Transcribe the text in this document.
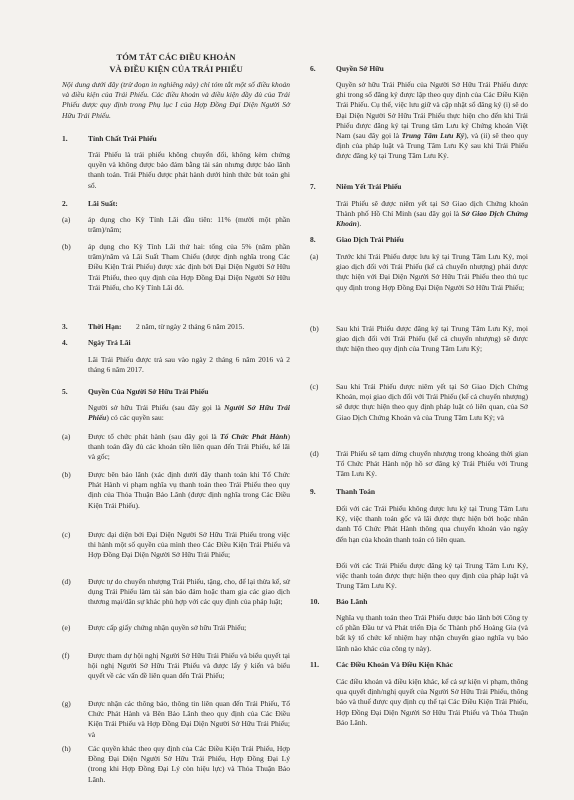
TÓM TẮT CÁC ĐIỀU KHOẢN
VÀ ĐIỀU KIỆN CỦA TRÁI PHIẾU
Nội dung dưới đây (trừ đoạn in nghiêng này) chỉ tóm tắt một số điều khoản và điều kiện của Trái Phiếu. Các điều khoản và điều kiện đầy đủ của Trái Phiếu được quy định trong Phụ lục I của Hợp Đồng Đại Diện Người Sở Hữu Trái Phiếu.
1.	Tính Chất Trái Phiếu
Trái Phiếu là trái phiếu không chuyển đổi, không kèm chứng quyền và không được bảo đảm bằng tài sản nhưng được bảo lãnh thanh toán. Trái Phiếu được phát hành dưới hình thức bút toán ghi sổ.
2.	Lãi Suất:
(a) áp dụng cho Kỳ Tính Lãi đầu tiên: 11% (mười một phần trăm)/năm;
(b) áp dụng cho Kỳ Tính Lãi thứ hai: tổng của 5% (năm phần trăm)/năm và Lãi Suất Tham Chiếu (được định nghĩa trong Các Điều Kiện Trái Phiếu) được xác định bởi Đại Diện Người Sở Hữu Trái Phiếu, theo quy định của Hợp Đồng Đại Diện Người Sở Hữu Trái Phiếu, cho Kỳ Tính Lãi đó.
3.	Thời Hạn: 2 năm, từ ngày 2 tháng 6 năm 2015.
4.	Ngày Trả Lãi
Lãi Trái Phiếu được trả sau vào ngày 2 tháng 6 năm 2016 và 2 tháng 6 năm 2017.
5.	Quyền Của Người Sở Hữu Trái Phiếu
Người sở hữu Trái Phiếu (sau đây gọi là Người Sở Hữu Trái Phiếu) có các quyền sau:
(a) Được tổ chức phát hành (sau đây gọi là Tổ Chức Phát Hành) thanh toán đầy đủ các khoản tiền liên quan đến Trái Phiếu, kể lãi và gốc;
(b) Được bên bảo lãnh (xác định dưới đây thanh toán khi Tổ Chức Phát Hành vi phạm nghĩa vụ thanh toán theo Trái Phiếu theo quy định của Thỏa Thuận Bảo Lãnh (được định nghĩa trong Các Điều Kiện Trái Phiếu).
(c) Được đại diện bởi Đại Diện Người Sở Hữu Trái Phiếu trong việc thi hành một số quyền của mình theo Các Điều Kiện Trái Phiếu và Hợp Đồng Đại Diện Người Sở Hữu Trái Phiếu;
(d) Được tự do chuyển nhượng Trái Phiếu, tặng, cho, để lại thừa kế, sử dụng Trái Phiếu làm tài sản bảo đảm hoặc tham gia các giao dịch thương mại/dân sự khác phù hợp với các quy định của pháp luật;
(e) Được cấp giấy chứng nhận quyền sở hữu Trái Phiếu;
(f) Được tham dự hội nghị Người Sở Hữu Trái Phiếu và biểu quyết tại hội nghị Người Sở Hữu Trái Phiếu và được lấy ý kiến và biểu quyết về các vấn đề liên quan đến Trái Phiếu;
(g) Được nhận các thông báo, thông tin liên quan đến Trái Phiếu, Tổ Chức Phát Hành và Bên Bảo Lãnh theo quy định của Các Điều Kiện Trái Phiếu và Hợp Đồng Đại Diện Người Sở Hữu Trái Phiếu; và
(h) Các quyền khác theo quy định của Các Điều Kiện Trái Phiếu, Hợp Đồng Đại Diện Người Sở Hữu Trái Phiếu, Hợp Đồng Đại Lý (trong khi Hợp Đồng Đại Lý còn hiệu lực) và Thỏa Thuận Bảo Lãnh.
6.	Quyền Sở Hữu
Quyền sở hữu Trái Phiếu của Người Sở Hữu Trái Phiếu được ghi trong sổ đăng ký được lập theo quy định của Các Điều Kiện Trái Phiếu. Cụ thể, việc lưu giữ và cập nhật sổ đăng ký (i) sẽ do Đại Diện Người Sở Hữu Trái Phiếu thực hiện cho đến khi Trái Phiếu được đăng ký tại Trung tâm Lưu ký Chứng khoán Việt Nam (sau đây gọi là Trung Tâm Lưu Ký), và (ii) sẽ theo quy định của pháp luật và Trung Tâm Lưu Ký sau khi Trái Phiếu được đăng ký tại Trung Tâm Lưu Ký.
7.	Niêm Yết Trái Phiếu
Trái Phiếu sẽ được niêm yết tại Sở Giao dịch Chứng khoán Thành phố Hồ Chí Minh (sau đây gọi là Sở Giao Dịch Chứng Khoán).
8.	Giao Dịch Trái Phiếu
(a) Trước khi Trái Phiếu được lưu ký tại Trung Tâm Lưu Ký, mọi giao dịch đối với Trái Phiếu (kể cả chuyển nhượng) phải được thực hiện với Đại Diện Người Sở Hữu Trái Phiếu theo thủ tục quy định trong Hợp Đồng Đại Diện Người Sở Hữu Trái Phiếu;
(b) Sau khi Trái Phiếu được đăng ký tại Trung Tâm Lưu Ký, mọi giao dịch đối với Trái Phiếu (kể cả chuyển nhượng) sẽ được thực hiện theo quy định của Trung Tâm Lưu Ký;
(c) Sau khi Trái Phiếu được niêm yết tại Sở Giao Dịch Chứng Khoán, mọi giao dịch đối với Trái Phiếu (kể cả chuyển nhượng) sẽ được thực hiện theo quy định pháp luật có liên quan, của Sở Giao Dịch Chứng Khoán và của Trung Tâm Lưu Ký; và
(d) Trái Phiếu sẽ tạm dừng chuyển nhượng trong khoảng thời gian Tổ Chức Phát Hành nộp hồ sơ đăng ký Trái Phiếu với Trung Tâm Lưu Ký.
9.	Thanh Toán
Đối với các Trái Phiếu không được lưu ký tại Trung Tâm Lưu Ký, việc thanh toán gốc và lãi được thực hiện bởi hoặc nhân danh Tổ Chức Phát Hành thông qua chuyển khoản vào ngày đến hạn của khoản thanh toán có liên quan.
Đối với các Trái Phiếu được đăng ký tại Trung Tâm Lưu Ký, việc thanh toán được thực hiện theo quy định của pháp luật và Trung Tâm Lưu Ký.
10. Bảo Lãnh
Nghĩa vụ thanh toán theo Trái Phiếu được bảo lãnh bởi Công ty cổ phần Đầu tư và Phát triển Địa ốc Thành phố Hoàng Gia (và bất kỳ tổ chức kế nhiệm hay nhận chuyển giao nghĩa vụ bảo lãnh nào khác của công ty này).
11. Các Điều Khoản Và Điều Kiện Khác
Các điều khoản và điều kiện khác, kể cả sự kiện vi phạm, thông qua quyết định/nghị quyết của Người Sở Hữu Trái Phiếu, thông báo và thuế được quy định cụ thể tại Các Điều Kiện Trái Phiếu, Hợp Đồng Đại Diện Người Sở Hữu Trái Phiếu và Thỏa Thuận Bảo Lãnh.
